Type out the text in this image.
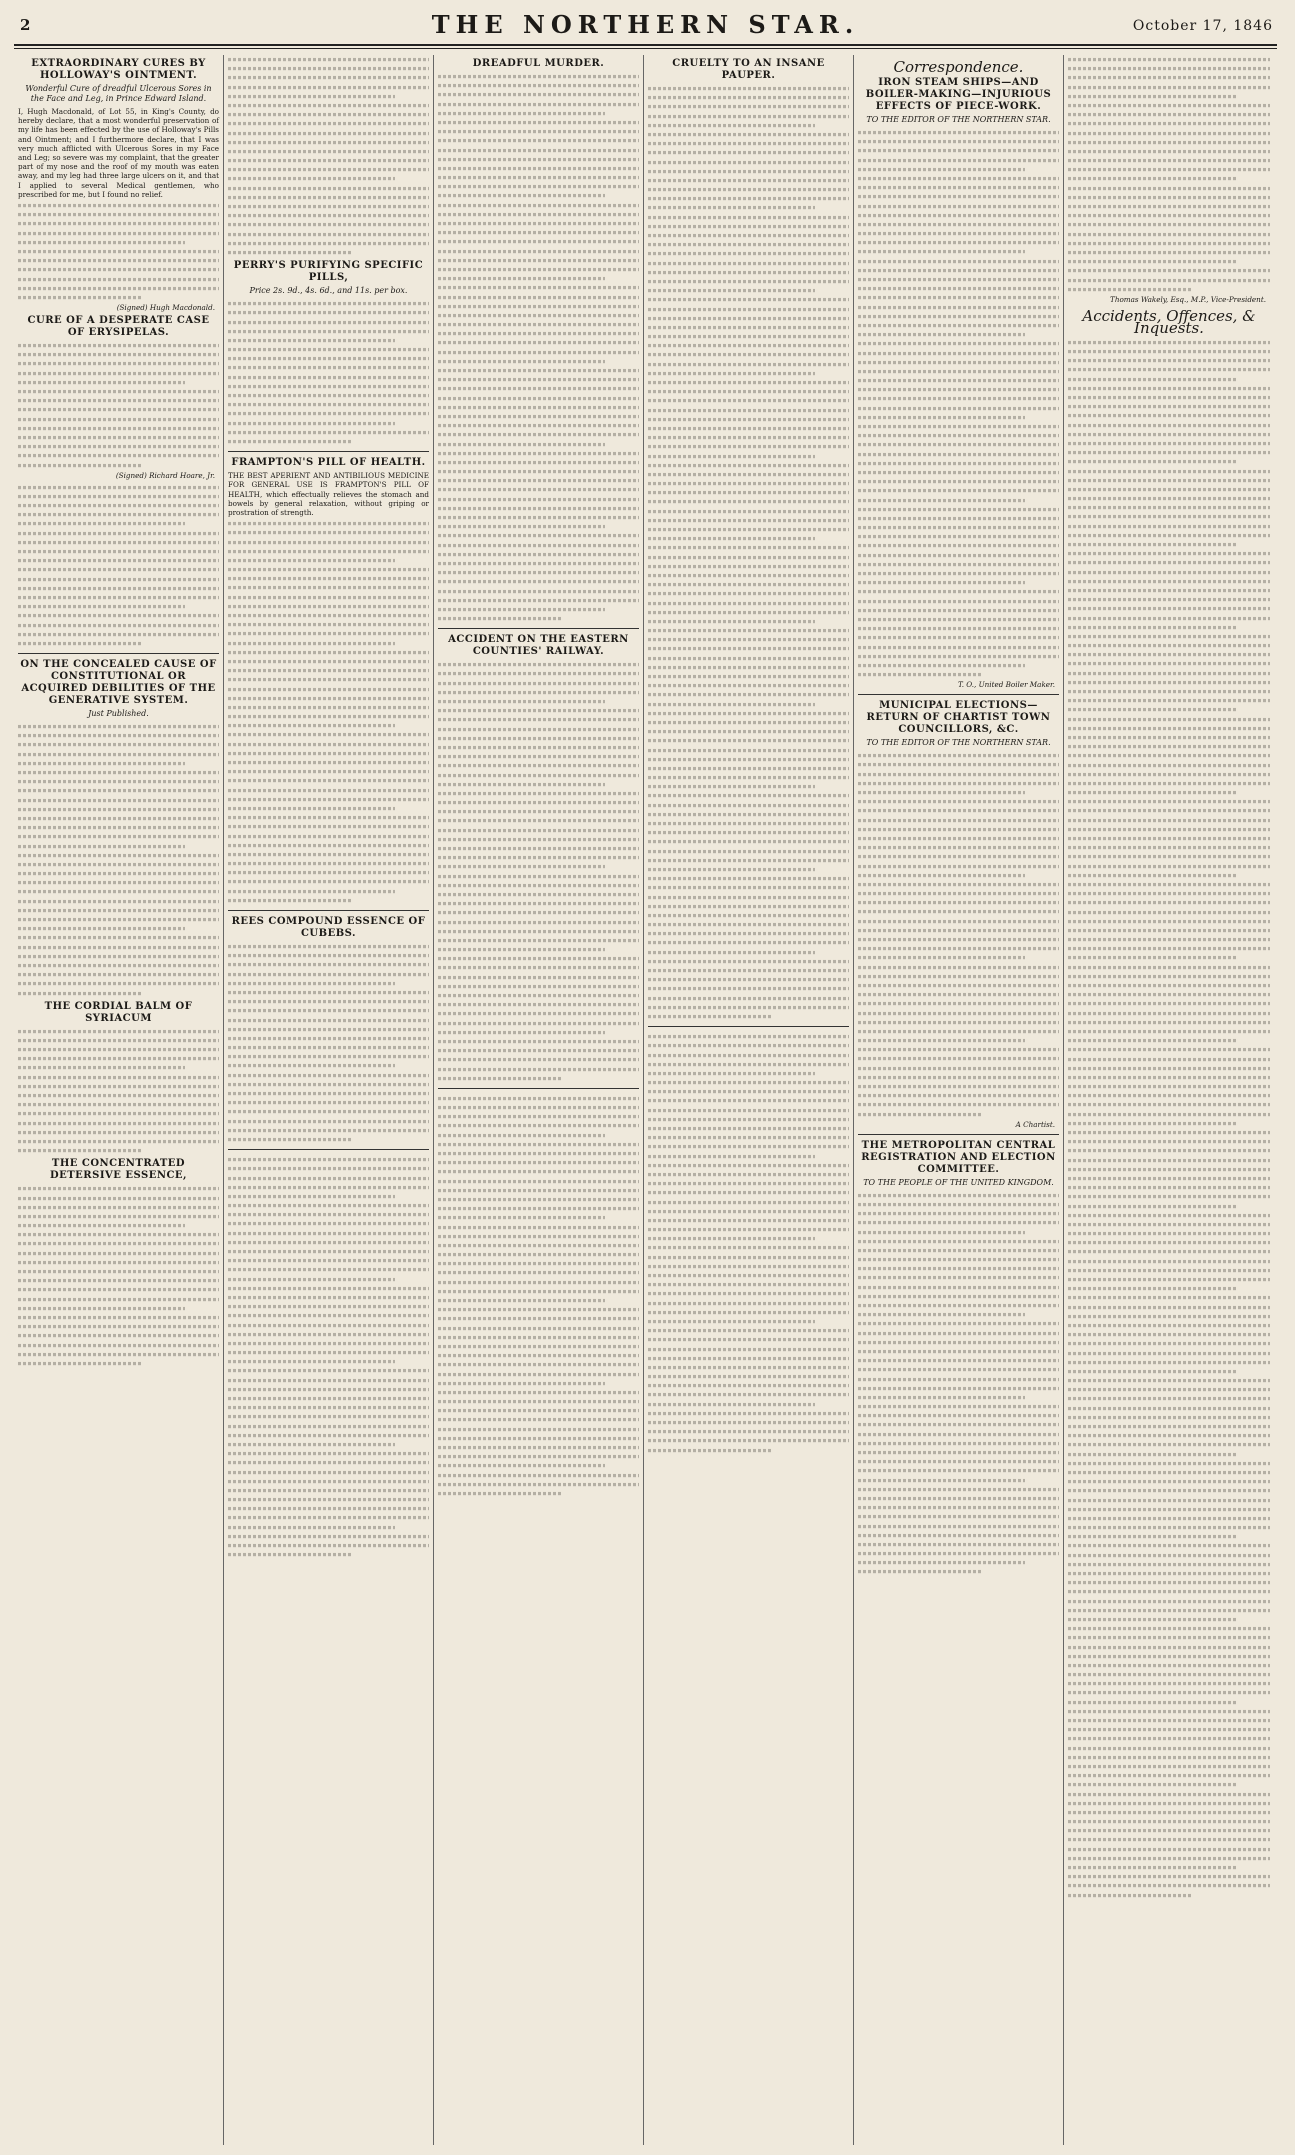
2	THE NORTHERN STAR.	October 17, 1846
EXTRAORDINARY CURES BY HOLLOWAY'S OINTMENT.
Wonderful Cure of dreadful Ulcerous Sores in the Face and Leg, in Prince Edward Island.
I, Hugh Macdonald, of Lot 55, in King's County, do hereby declare, that a most wonderful preservation of my life has been effected by the use of Holloway's Pills and Ointment; and I furthermore declare, that I was very much afflicted with Ulcerous Sores in my Face and Leg; so severe was my complaint, that the greater part of my nose and the roof of my mouth was eaten away, and my leg had three large ulcers on it, and that I applied to several Medical gentlemen, who prescribed for me, but I found no relief.
(Signed) Hugh Macdonald.
CURE OF A DESPERATE CASE OF ERYSIPELAS.
(Signed) Richard Hoare, Jr.
ON THE CONCEALED CAUSE OF CONSTITUTIONAL OR ACQUIRED DEBILITIES OF THE GENERATIVE SYSTEM.
Just Published.
THE CORDIAL BALM OF SYRIACUM
THE CONCENTRATED DETERSIVE ESSENCE,
PERRY'S PURIFYING SPECIFIC PILLS,
Price 2s. 9d., 4s. 6d., and 11s. per box.
FRAMPTON'S PILL OF HEALTH.
THE BEST APERIENT AND ANTIBILIOUS MEDICINE FOR GENERAL USE IS FRAMPTON'S PILL OF HEALTH, which effectually relieves the stomach and bowels by general relaxation, without griping or prostration of strength.
REES COMPOUND ESSENCE OF CUBEBS.
DREADFUL MURDER.
ACCIDENT ON THE EASTERN COUNTIES' RAILWAY.
CRUELTY TO AN INSANE PAUPER.	Correspondence.
IRON STEAM SHIPS—AND BOILER-MAKING—INJURIOUS EFFECTS OF PIECE-WORK.
TO THE EDITOR OF THE NORTHERN STAR.
T. O., United Boiler Maker.
MUNICIPAL ELECTIONS—RETURN OF CHARTIST TOWN COUNCILLORS, &C.
TO THE EDITOR OF THE NORTHERN STAR.
A Chartist.
THE METROPOLITAN CENTRAL REGISTRATION AND ELECTION COMMITTEE.
TO THE PEOPLE OF THE UNITED KINGDOM.
Thomas Wakely, Esq., M.P., Vice-President.
Accidents, Offences, & Inquests.
